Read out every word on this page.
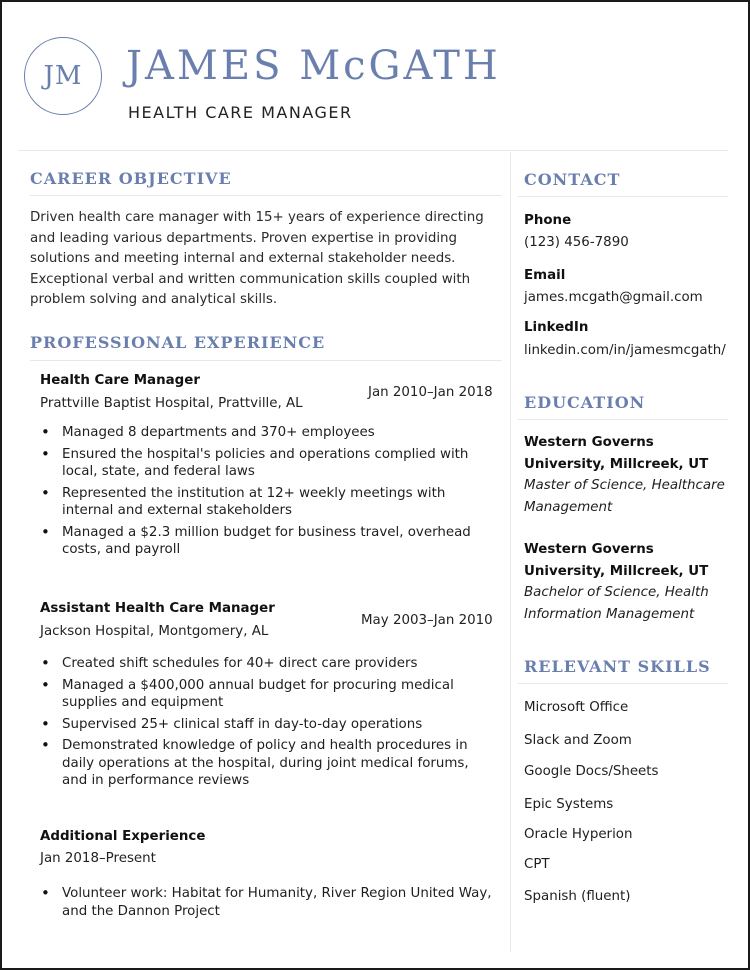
JM	JAMES McGATH
HEALTH CARE MANAGER
CAREER OBJECTIVE
Driven health care manager with 15+ years of experience directing
and leading various departments. Proven expertise in providing
solutions and meeting internal and external stakeholder needs.
Exceptional verbal and written communication skills coupled with
problem solving and analytical skills.
PROFESSIONAL EXPERIENCE
Health Care Manager
Jan 2010–Jan 2018
Prattville Baptist Hospital, Prattville, AL
• Managed 8 departments and 370+ employees
• Ensured the hospital's policies and operations complied with local, state, and federal laws
• Represented the institution at 12+ weekly meetings with internal and external stakeholders
• Managed a $2.3 million budget for business travel, overhead costs, and payroll
Assistant Health Care Manager
May 2003–Jan 2010
Jackson Hospital, Montgomery, AL
• Created shift schedules for 40+ direct care providers
• Managed a $400,000 annual budget for procuring medical supplies and equipment
• Supervised 25+ clinical staff in day-to-day operations
• Demonstrated knowledge of policy and health procedures in daily operations at the hospital, during joint medical forums, and in performance reviews
Additional Experience
Jan 2018–Present
• Volunteer work: Habitat for Humanity, River Region United Way, and the Dannon Project
CONTACT
Phone
(123) 456-7890
Email
james.mcgath@gmail.com
LinkedIn
linkedin.com/in/jamesmcgath/
EDUCATION
Western Governs University, Millcreek, UT
Master of Science, Healthcare Management
Western Governs University, Millcreek, UT
Bachelor of Science, Health Information Management
RELEVANT SKILLS
Microsoft Office
Slack and Zoom
Google Docs/Sheets
Epic Systems
Oracle Hyperion
CPT
Spanish (fluent)
